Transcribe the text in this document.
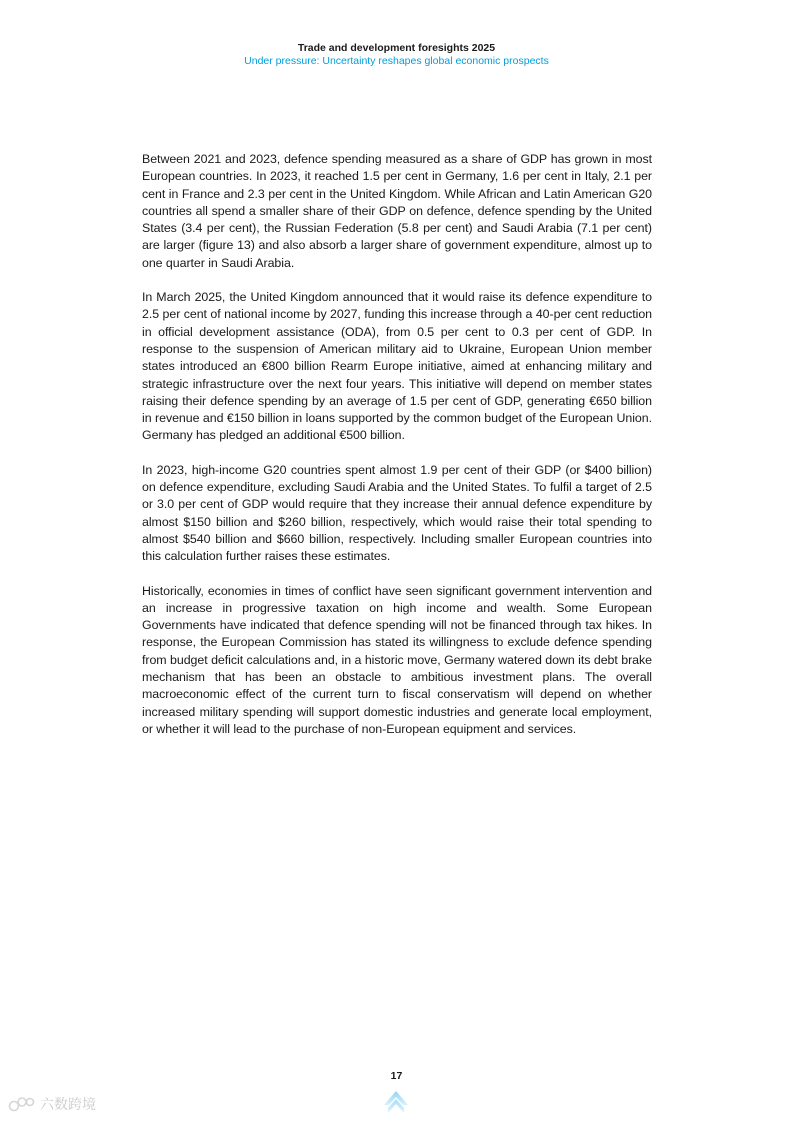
Trade and development foresights 2025
Under pressure: Uncertainty reshapes global economic prospects

Between 2021 and 2023, defence spending measured as a share of GDP has grown in most European countries. In 2023, it reached 1.5 per cent in Germany, 1.6 per cent in Italy, 2.1 per cent in France and 2.3 per cent in the United Kingdom. While African and Latin American G20 countries all spend a smaller share of their GDP on defence, defence spending by the United States (3.4 per cent), the Russian Federation (5.8 per cent) and Saudi Arabia (7.1 per cent) are larger (figure 13) and also absorb a larger share of government expenditure, almost up to one quarter in Saudi Arabia.

In March 2025, the United Kingdom announced that it would raise its defence expenditure to 2.5 per cent of national income by 2027, funding this increase through a 40-per cent reduction in official development assistance (ODA), from 0.5 per cent to 0.3 per cent of GDP. In response to the suspension of American military aid to Ukraine, European Union member states introduced an €800 billion Rearm Europe initiative, aimed at enhancing military and strategic infrastructure over the next four years. This initiative will depend on member states raising their defence spending by an average of 1.5 per cent of GDP, generating €650 billion in revenue and €150 billion in loans supported by the common budget of the European Union. Germany has pledged an additional €500 billion.

In 2023, high-income G20 countries spent almost 1.9 per cent of their GDP (or $400 billion) on defence expenditure, excluding Saudi Arabia and the United States. To fulfil a target of 2.5 or 3.0 per cent of GDP would require that they increase their annual defence expenditure by almost $150 billion and $260 billion, respectively, which would raise their total spending to almost $540 billion and $660 billion, respectively. Including smaller European countries into this calculation further raises these estimates.

Historically, economies in times of conflict have seen significant government intervention and an increase in progressive taxation on high income and wealth. Some European Governments have indicated that defence spending will not be financed through tax hikes. In response, the European Commission has stated its willingness to exclude defence spending from budget deficit calculations and, in a historic move, Germany watered down its debt brake mechanism that has been an obstacle to ambitious investment plans. The overall macroeconomic effect of the current turn to fiscal conservatism will depend on whether increased military spending will support domestic industries and generate local employment, or whether it will lead to the purchase of non-European equipment and services.

17
六数跨境
